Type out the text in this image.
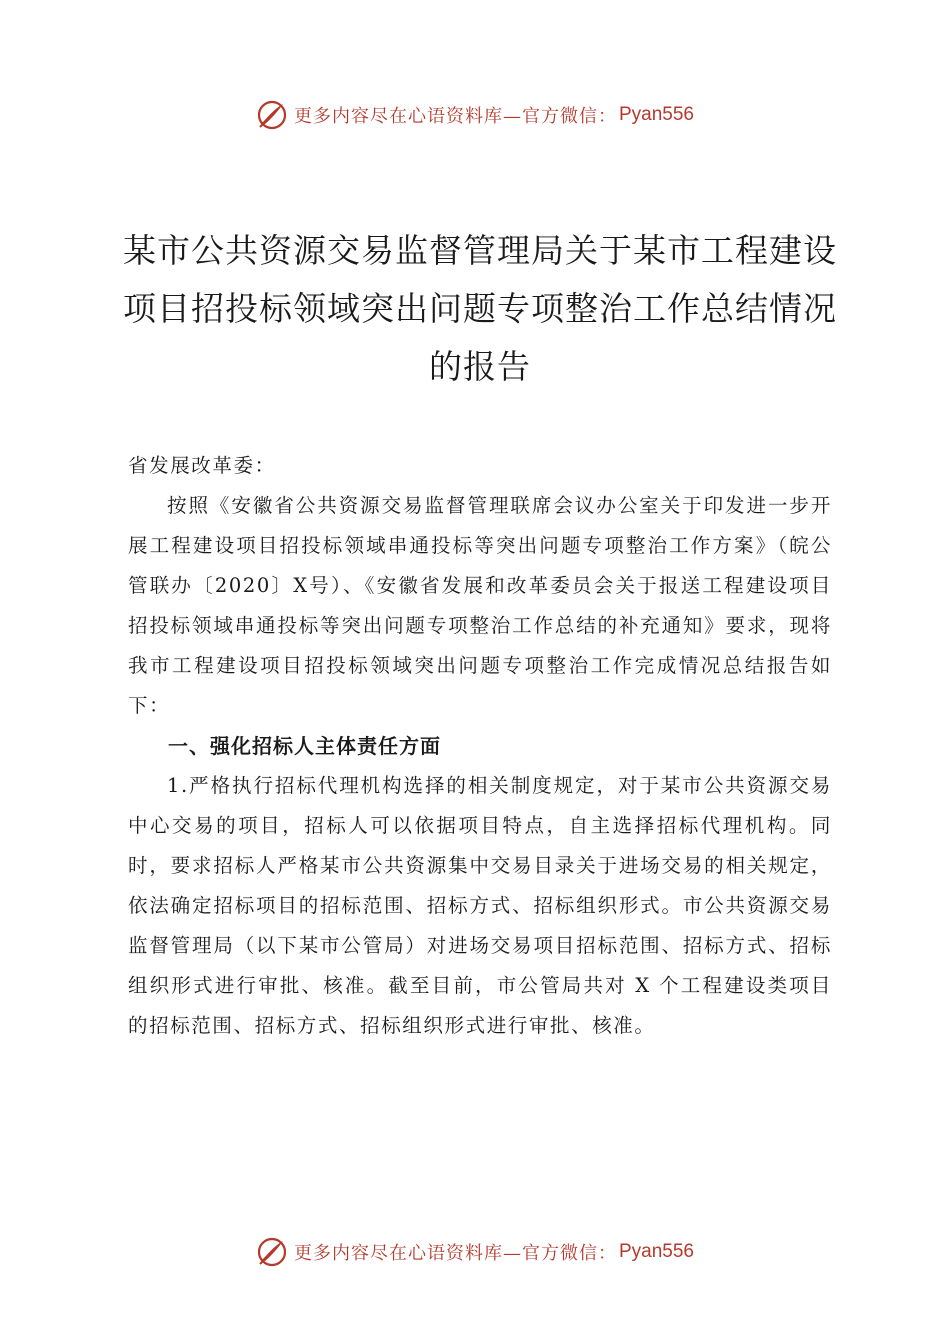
更多内容尽在心语资料库—官方微信： Pyan556
某市公共资源交易监督管理局关于某市工程建设项目招投标领域突出问题专项整治工作总结情况的报告

省发展改革委：

按照《安徽省公共资源交易监督管理联席会议办公室关于印发进一步开展工程建设项目招投标领域串通投标等突出问题专项整治工作方案》（皖公管联办〔2020〕X号）、《安徽省发展和改革委员会关于报送工程建设项目招投标领域串通投标等突出问题专项整治工作总结的补充通知》要求，现将我市工程建设项目招投标领域突出问题专项整治工作完成情况总结报告如下：

一、强化招标人主体责任方面

1.严格执行招标代理机构选择的相关制度规定，对于某市公共资源交易中心交易的项目，招标人可以依据项目特点，自主选择招标代理机构。同时，要求招标人严格某市公共资源集中交易目录关于进场交易的相关规定，依法确定招标项目的招标范围、招标方式、招标组织形式。市公共资源交易监督管理局（以下某市公管局）对进场交易项目招标范围、招标方式、招标组织形式进行审批、核准。截至目前，市公管局共对 X 个工程建设类项目的招标范围、招标方式、招标组织形式进行审批、核准。

更多内容尽在心语资料库—官方微信： Pyan556
